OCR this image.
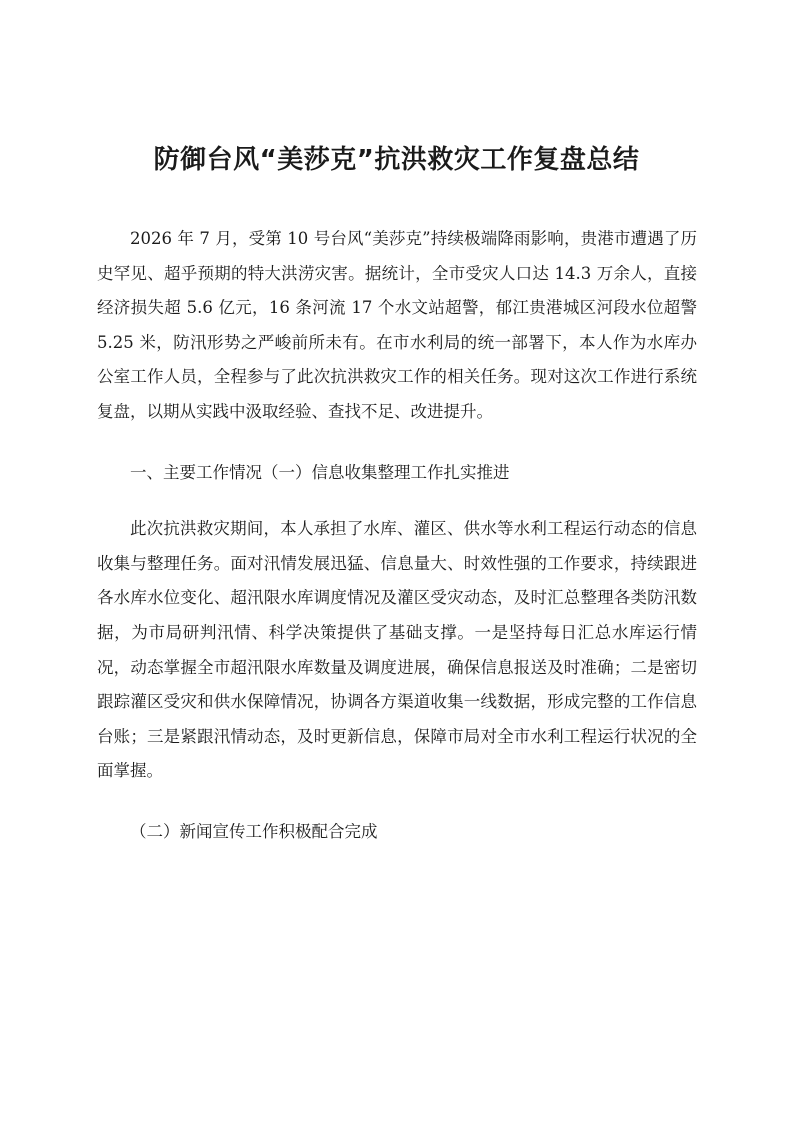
防御台风“美莎克”抗洪救灾工作复盘总结

2026 年 7 月，受第 10 号台风“美莎克”持续极端降雨影响，贵港市遭遇了历史罕见、超乎预期的特大洪涝灾害。据统计，全市受灾人口达 14.3 万余人，直接经济损失超 5.6 亿元，16 条河流 17 个水文站超警，郁江贵港城区河段水位超警 5.25 米，防汛形势之严峻前所未有。在市水利局的统一部署下，本人作为水库办公室工作人员，全程参与了此次抗洪救灾工作的相关任务。现对这次工作进行系统复盘，以期从实践中汲取经验、查找不足、改进提升。

一、主要工作情况（一）信息收集整理工作扎实推进

此次抗洪救灾期间，本人承担了水库、灌区、供水等水利工程运行动态的信息收集与整理任务。面对汛情发展迅猛、信息量大、时效性强的工作要求，持续跟进各水库水位变化、超汛限水库调度情况及灌区受灾动态，及时汇总整理各类防汛数据，为市局研判汛情、科学决策提供了基础支撑。一是坚持每日汇总水库运行情况，动态掌握全市超汛限水库数量及调度进展，确保信息报送及时准确；二是密切跟踪灌区受灾和供水保障情况，协调各方渠道收集一线数据，形成完整的工作信息台账；三是紧跟汛情动态，及时更新信息，保障市局对全市水利工程运行状况的全面掌握。

（二）新闻宣传工作积极配合完成
